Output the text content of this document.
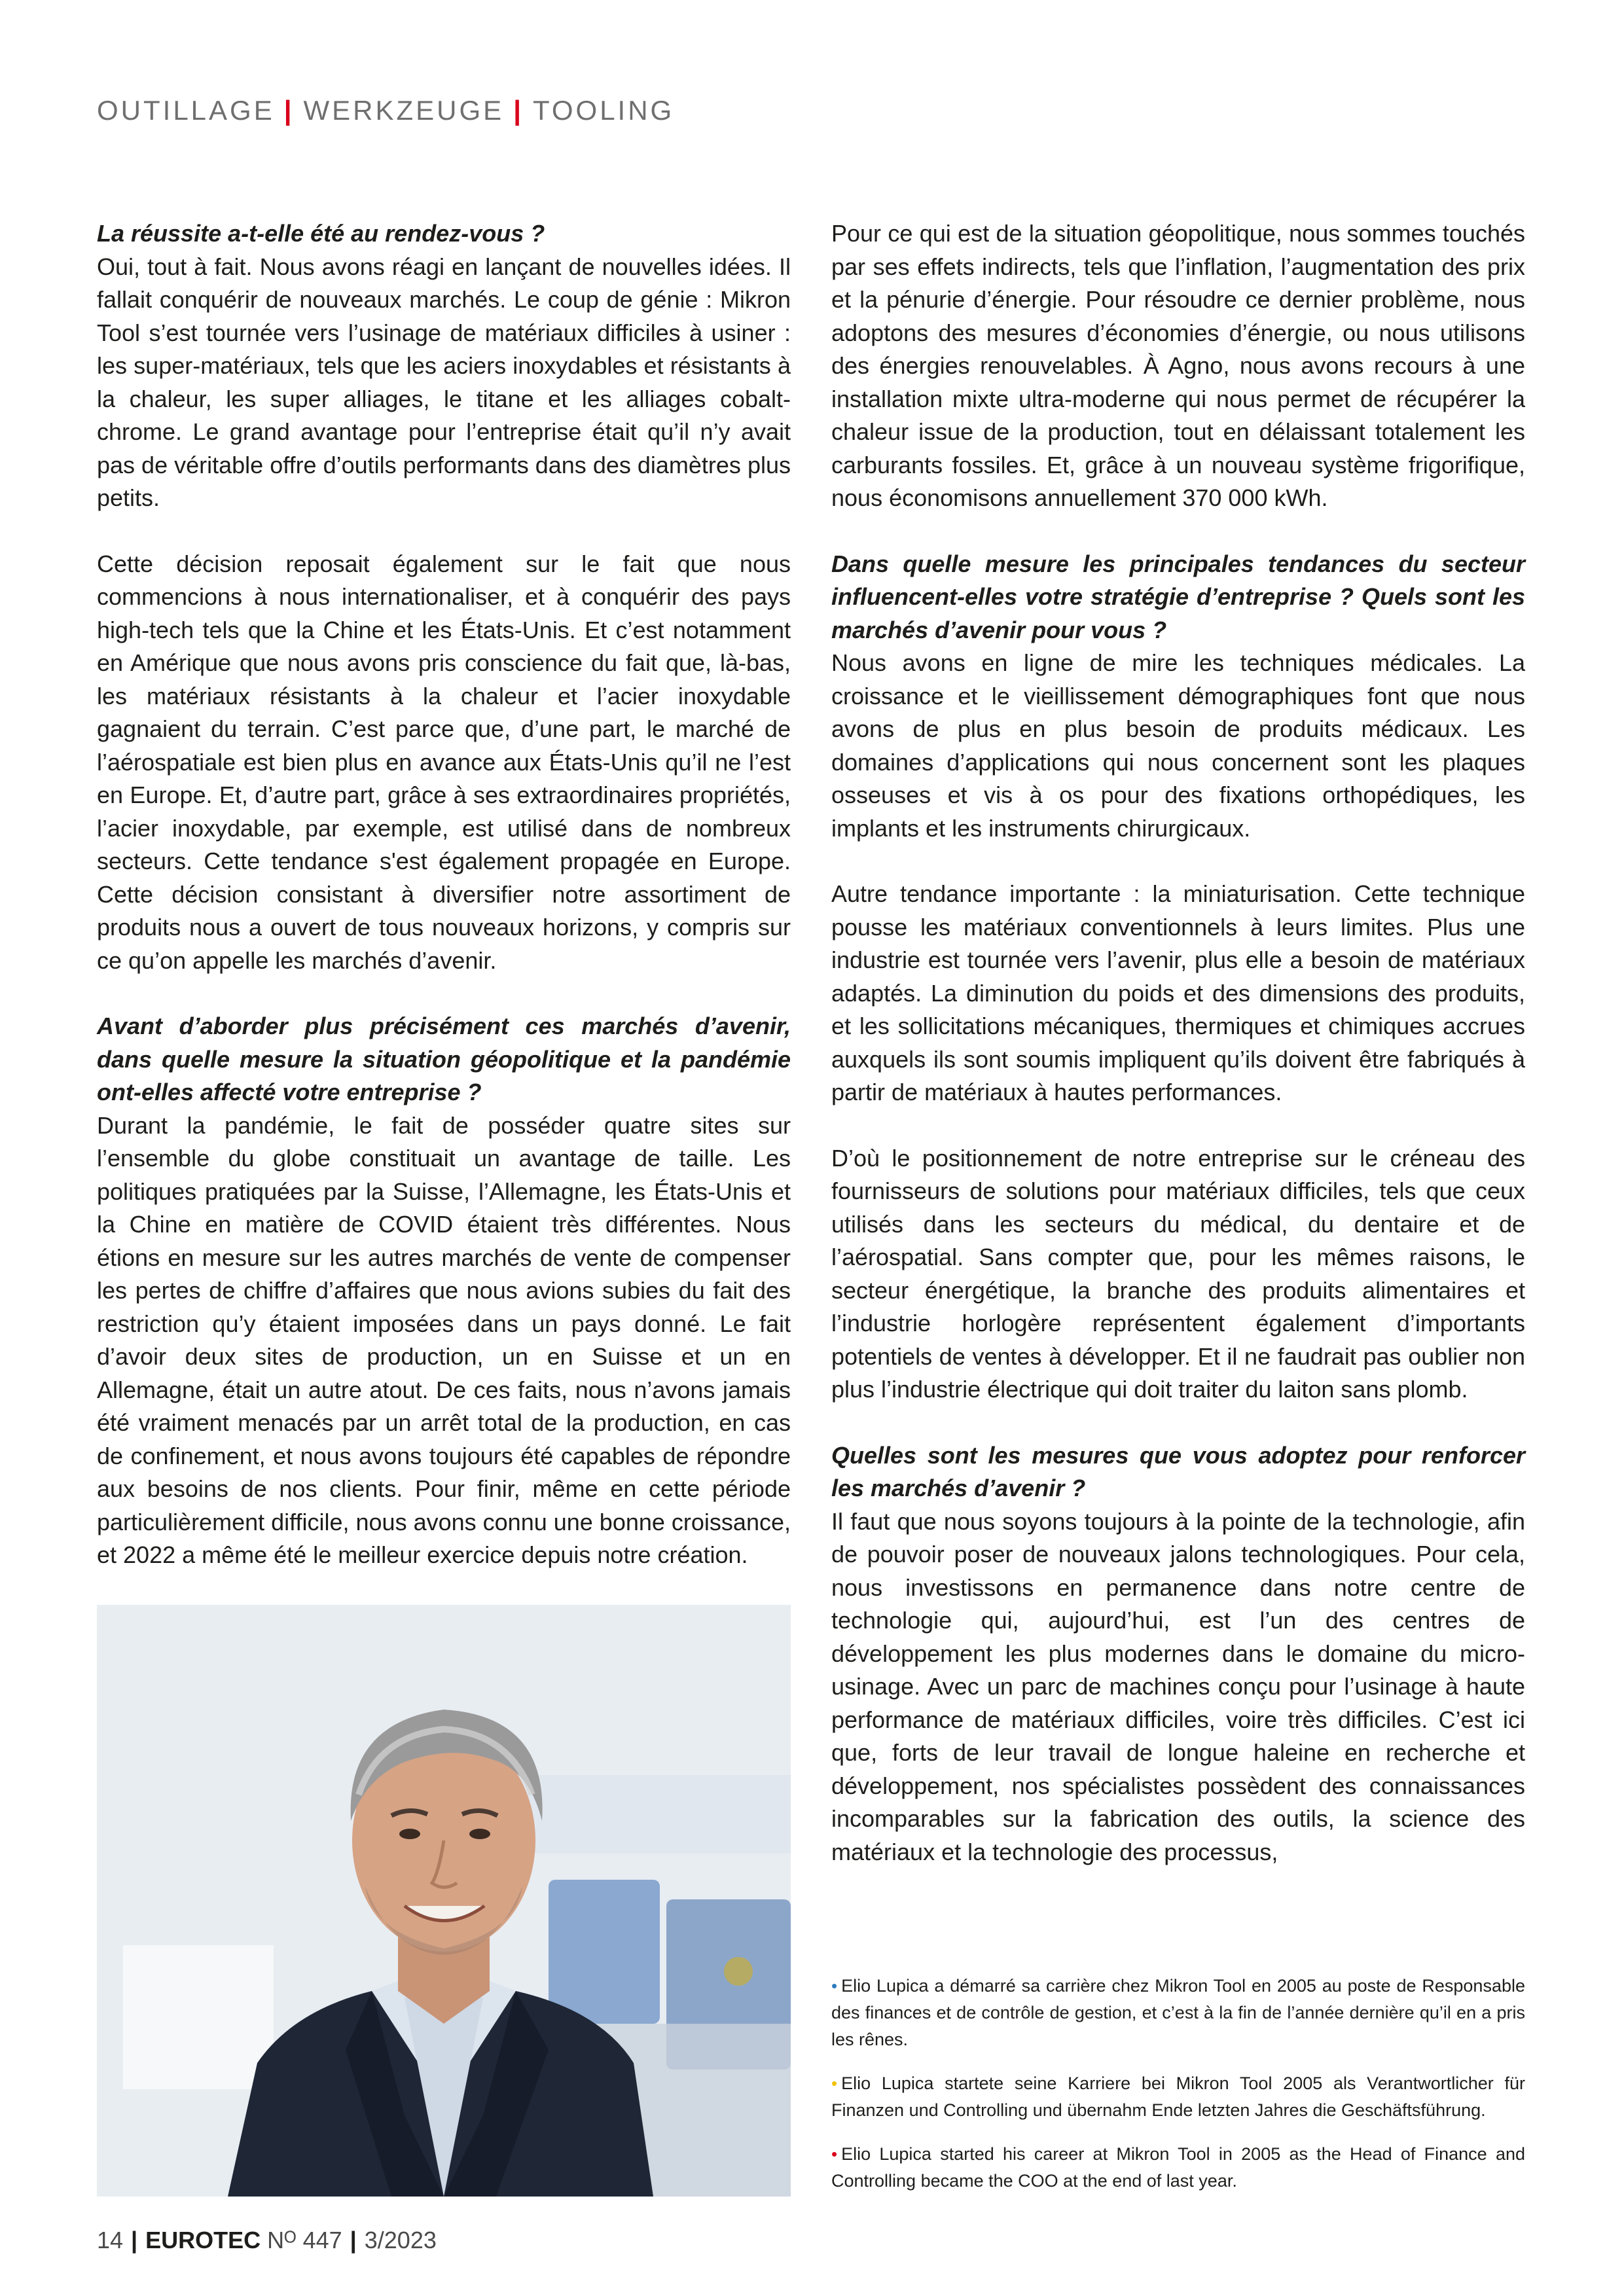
OUTILLAGE | WERKZEUGE | TOOLING

La réussite a-t-elle été au rendez-vous ?

Oui, tout à fait. Nous avons réagi en lançant de nouvelles idées. Il fallait conquérir de nouveaux marchés. Le coup de génie : Mikron Tool s’est tournée vers l’usinage de matériaux difficiles à usiner : les super-matériaux, tels que les aciers inoxydables et résistants à la chaleur, les super alliages, le titane et les alliages cobalt-chrome. Le grand avantage pour l’entreprise était qu’il n’y avait pas de véritable offre d’outils performants dans des diamètres plus petits.

Cette décision reposait également sur le fait que nous commencions à nous internationaliser, et à conquérir des pays high-tech tels que la Chine et les États-Unis. Et c’est notamment en Amérique que nous avons pris conscience du fait que, là-bas, les matériaux résistants à la chaleur et l’acier inoxydable gagnaient du terrain. C’est parce que, d’une part, le marché de l’aérospatiale est bien plus en avance aux États-Unis qu’il ne l’est en Europe. Et, d’autre part, grâce à ses extraordinaires propriétés, l’acier inoxydable, par exemple, est utilisé dans de nombreux secteurs. Cette tendance s'est également propagée en Europe. Cette décision consistant à diversifier notre assortiment de produits nous a ouvert de tous nouveaux horizons, y compris sur ce qu’on appelle les marchés d’avenir.

Avant d’aborder plus précisément ces marchés d’avenir, dans quelle mesure la situation géopolitique et la pandémie ont-elles affecté votre entreprise ?

Durant la pandémie, le fait de posséder quatre sites sur l’ensemble du globe constituait un avantage de taille. Les politiques pratiquées par la Suisse, l’Allemagne, les États-Unis et la Chine en matière de COVID étaient très différentes. Nous étions en mesure sur les autres marchés de vente de compenser les pertes de chiffre d’affaires que nous avions subies du fait des restriction qu’y étaient imposées dans un pays donné. Le fait d’avoir deux sites de production, un en Suisse et un en Allemagne, était un autre atout. De ces faits, nous n’avons jamais été vraiment menacés par un arrêt total de la production, en cas de confinement, et nous avons toujours été capables de répondre aux besoins de nos clients. Pour finir, même en cette période particulièrement difficile, nous avons connu une bonne croissance, et 2022 a même été le meilleur exercice depuis notre création.

Pour ce qui est de la situation géopolitique, nous sommes touchés par ses effets indirects, tels que l’inflation, l’augmentation des prix et la pénurie d’énergie. Pour résoudre ce dernier problème, nous adoptons des mesures d’économies d’énergie, ou nous utilisons des énergies renouvelables. À Agno, nous avons recours à une installation mixte ultra-moderne qui nous permet de récupérer la chaleur issue de la production, tout en délaissant totalement les carburants fossiles. Et, grâce à un nouveau système frigorifique, nous économisons annuellement 370 000 kWh.

Dans quelle mesure les principales tendances du secteur influencent-elles votre stratégie d’entreprise ? Quels sont les marchés d’avenir pour vous ?

Nous avons en ligne de mire les techniques médicales. La croissance et le vieillissement démographiques font que nous avons de plus en plus besoin de produits médicaux. Les domaines d’applications qui nous concernent sont les plaques osseuses et vis à os pour des fixations orthopédiques, les implants et les instruments chirurgicaux.

Autre tendance importante : la miniaturisation. Cette technique pousse les matériaux conventionnels à leurs limites. Plus une industrie est tournée vers l’avenir, plus elle a besoin de matériaux adaptés. La diminution du poids et des dimensions des produits, et les sollicitations mécaniques, thermiques et chimiques accrues auxquels ils sont soumis impliquent qu’ils doivent être fabriqués à partir de matériaux à hautes performances.

D’où le positionnement de notre entreprise sur le créneau des fournisseurs de solutions pour matériaux difficiles, tels que ceux utilisés dans les secteurs du médical, du dentaire et de l’aérospatial. Sans compter que, pour les mêmes raisons, le secteur énergétique, la branche des produits alimentaires et l’industrie horlogère représentent également d’importants potentiels de ventes à développer. Et il ne faudrait pas oublier non plus l’industrie électrique qui doit traiter du laiton sans plomb.

Quelles sont les mesures que vous adoptez pour renforcer les marchés d’avenir ?

Il faut que nous soyons toujours à la pointe de la technologie, afin de pouvoir poser de nouveaux jalons technologiques. Pour cela, nous investissons en permanence dans notre centre de technologie qui, aujourd’hui, est l’un des centres de développement les plus modernes dans le domaine du micro-usinage. Avec un parc de machines conçu pour l’usinage à haute performance de matériaux difficiles, voire très difficiles. C’est ici que, forts de leur travail de longue haleine en recherche et développement, nos spécialistes possèdent des connaissances incomparables sur la fabrication des outils, la science des matériaux et la technologie des processus,

• Elio Lupica a démarré sa carrière chez Mikron Tool en 2005 au poste de Responsable des finances et de contrôle de gestion, et c’est à la fin de l’année dernière qu’il en a pris les rênes.

• Elio Lupica startete seine Karriere bei Mikron Tool 2005 als Verantwortlicher für Finanzen und Controlling und übernahm Ende letzten Jahres die Geschäftsführung.

• Elio Lupica started his career at Mikron Tool in 2005 as the Head of Finance and Controlling became the COO at the end of last year.

14 | EUROTEC Nᴼ 447 | 3/2023
